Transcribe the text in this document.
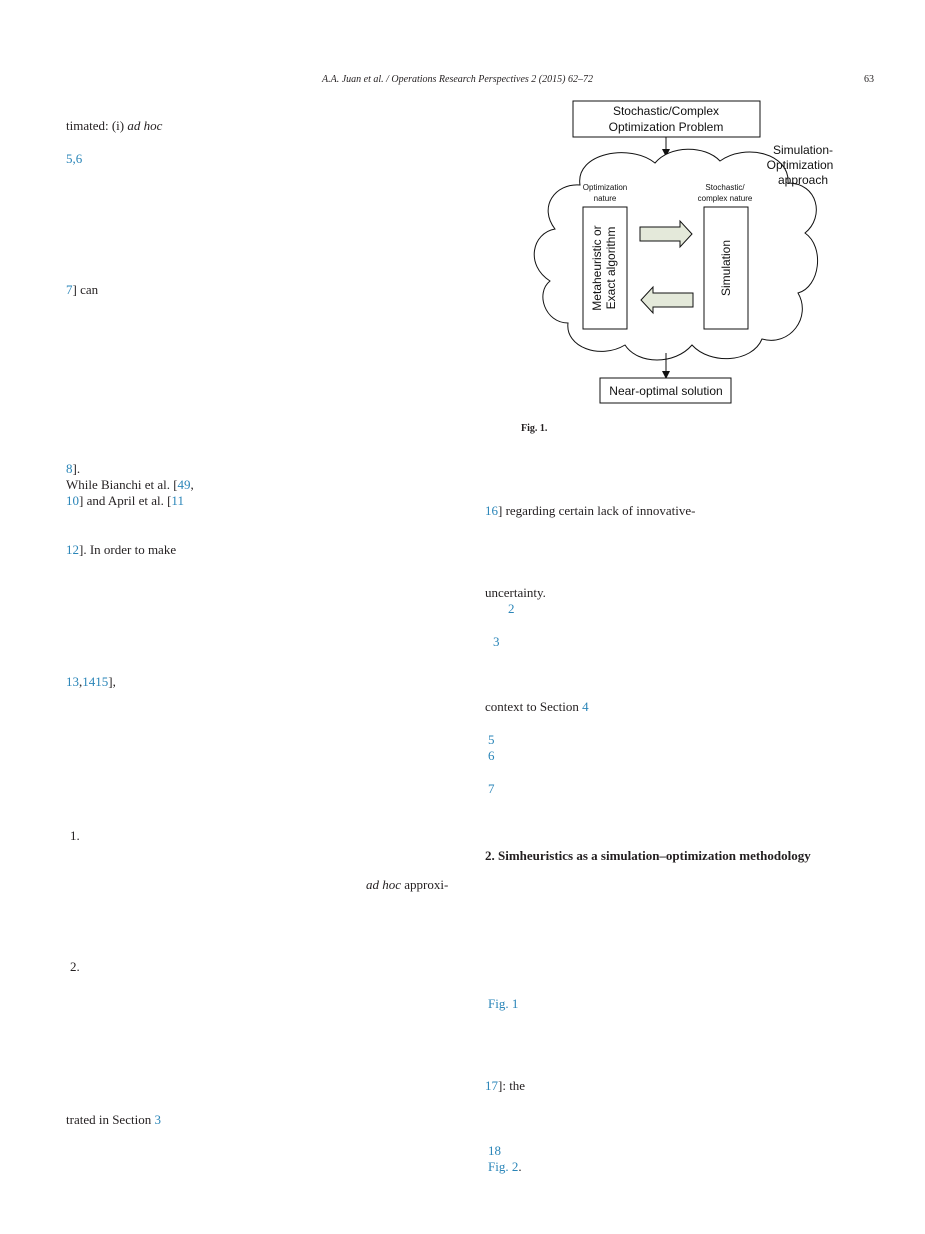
A.A. Juan et al. / Operations Research Perspectives 2 (2015) 62–72	63
timated: (i) ad hoc
5,6
7] can
8].
While Bianchi et al. [49,
10] and April et al. [11
12]. In order to make
13,1415],
1.
ad hoc approxi-
2.
trated in Section 3
Stochastic/Complex
Optimization Problem
Optimization
nature
Stochastic/
complex nature
Metaheuristic or Exact algorithm	Simulation
Simulation-
Optimization
approach
Near-optimal solution
Fig. 1.
16] regarding certain lack of innovative-
uncertainty.
2
3
context to Section 4
5
6
7
2. Simheuristics as a simulation–optimization methodology
Fig. 1
17]: the
18
Fig. 2.
